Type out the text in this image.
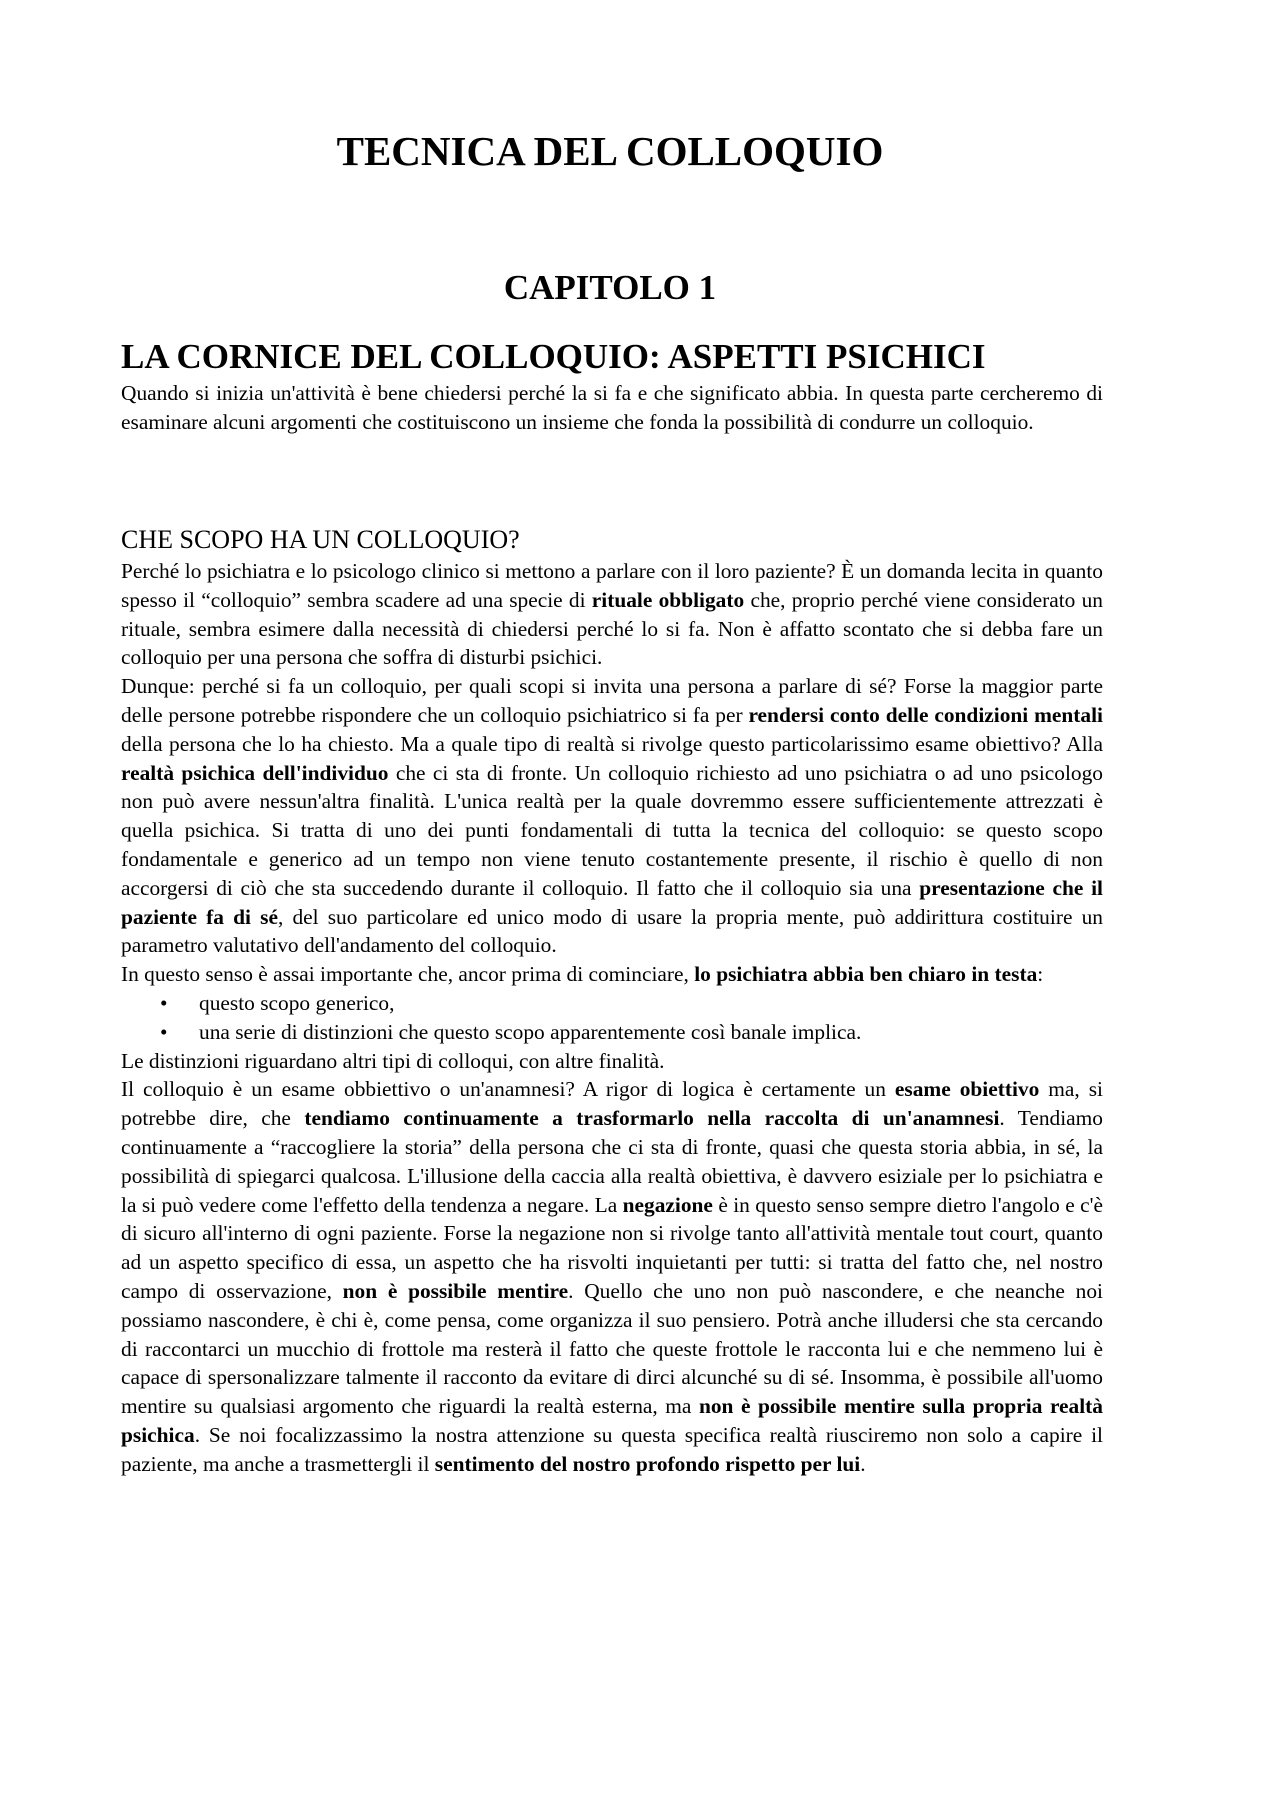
TECNICA DEL COLLOQUIO
CAPITOLO 1
LA CORNICE DEL COLLOQUIO: ASPETTI PSICHICI

Quando si inizia un'attività è bene chiedersi perché la si fa e che significato abbia. In questa parte cercheremo di esaminare alcuni argomenti che costituiscono un insieme che fonda la possibilità di condurre un colloquio.

CHE SCOPO HA UN COLLOQUIO?

Perché lo psichiatra e lo psicologo clinico si mettono a parlare con il loro paziente? È un domanda lecita in quanto spesso il “colloquio” sembra scadere ad una specie di rituale obbligato che, proprio perché viene considerato un rituale, sembra esimere dalla necessità di chiedersi perché lo si fa. Non è affatto scontato che si debba fare un colloquio per una persona che soffra di disturbi psichici.

Dunque: perché si fa un colloquio, per quali scopi si invita una persona a parlare di sé? Forse la maggior parte delle persone potrebbe rispondere che un colloquio psichiatrico si fa per rendersi conto delle condizioni mentali della persona che lo ha chiesto. Ma a quale tipo di realtà si rivolge questo particolarissimo esame obiettivo? Alla realtà psichica dell'individuo che ci sta di fronte. Un colloquio richiesto ad uno psichiatra o ad uno psicologo non può avere nessun'altra finalità. L'unica realtà per la quale dovremmo essere sufficientemente attrezzati è quella psichica. Si tratta di uno dei punti fondamentali di tutta la tecnica del colloquio: se questo scopo fondamentale e generico ad un tempo non viene tenuto costantemente presente, il rischio è quello di non accorgersi di ciò che sta succedendo durante il colloquio. Il fatto che il colloquio sia una presentazione che il paziente fa di sé, del suo particolare ed unico modo di usare la propria mente, può addirittura costituire un parametro valutativo dell'andamento del colloquio.

In questo senso è assai importante che, ancor prima di cominciare, lo psichiatra abbia ben chiaro in testa:

• questo scopo generico,
• una serie di distinzioni che questo scopo apparentemente così banale implica.

Le distinzioni riguardano altri tipi di colloqui, con altre finalità.

Il colloquio è un esame obbiettivo o un'anamnesi? A rigor di logica è certamente un esame obiettivo ma, si potrebbe dire, che tendiamo continuamente a trasformarlo nella raccolta di un'anamnesi. Tendiamo continuamente a “raccogliere la storia” della persona che ci sta di fronte, quasi che questa storia abbia, in sé, la possibilità di spiegarci qualcosa. L'illusione della caccia alla realtà obiettiva, è davvero esiziale per lo psichiatra e la si può vedere come l'effetto della tendenza a negare. La negazione è in questo senso sempre dietro l'angolo e c'è di sicuro all'interno di ogni paziente. Forse la negazione non si rivolge tanto all'attività mentale tout court, quanto ad un aspetto specifico di essa, un aspetto che ha risvolti inquietanti per tutti: si tratta del fatto che, nel nostro campo di osservazione, non è possibile mentire. Quello che uno non può nascondere, e che neanche noi possiamo nascondere, è chi è, come pensa, come organizza il suo pensiero. Potrà anche illudersi che sta cercando di raccontarci un mucchio di frottole ma resterà il fatto che queste frottole le racconta lui e che nemmeno lui è capace di spersonalizzare talmente il racconto da evitare di dirci alcunché su di sé. Insomma, è possibile all'uomo mentire su qualsiasi argomento che riguardi la realtà esterna, ma non è possibile mentire sulla propria realtà psichica. Se noi focalizzassimo la nostra attenzione su questa specifica realtà riusciremo non solo a capire il paziente, ma anche a trasmettergli il sentimento del nostro profondo rispetto per lui.
